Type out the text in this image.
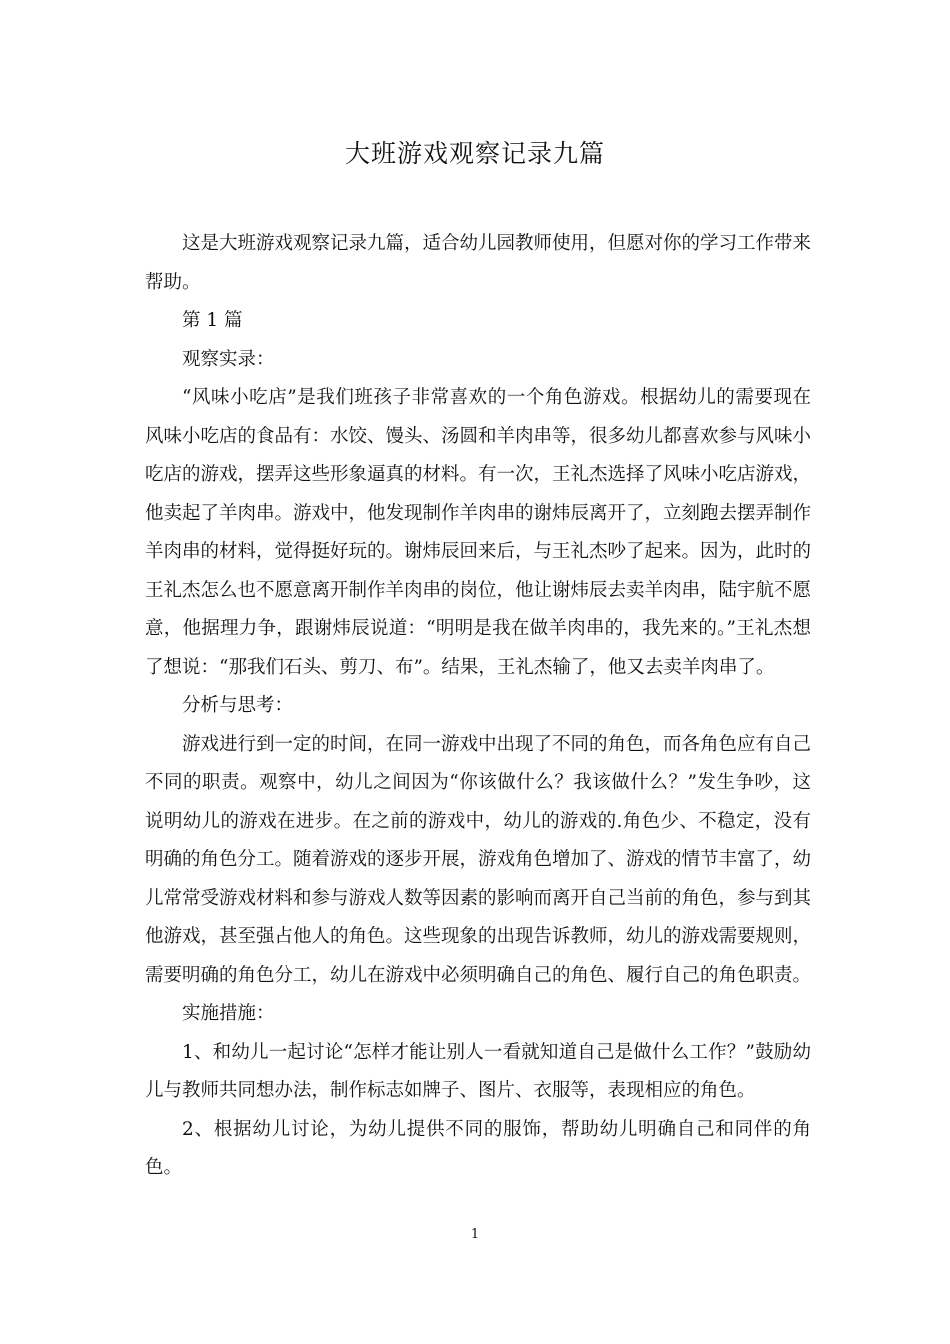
大班游戏观察记录九篇

这是大班游戏观察记录九篇，适合幼儿园教师使用，但愿对你的学习工作带来帮助。

第 1 篇

观察实录：

“风味小吃店”是我们班孩子非常喜欢的一个角色游戏。根据幼儿的需要现在风味小吃店的食品有：水饺、馒头、汤圆和羊肉串等，很多幼儿都喜欢参与风味小吃店的游戏，摆弄这些形象逼真的材料。有一次，王礼杰选择了风味小吃店游戏，他卖起了羊肉串。游戏中，他发现制作羊肉串的谢炜辰离开了，立刻跑去摆弄制作羊肉串的材料，觉得挺好玩的。谢炜辰回来后，与王礼杰吵了起来。因为，此时的王礼杰怎么也不愿意离开制作羊肉串的岗位，他让谢炜辰去卖羊肉串，陆宇航不愿意，他据理力争，跟谢炜辰说道：“明明是我在做羊肉串的，我先来的。”王礼杰想了想说：“那我们石头、剪刀、布”。结果，王礼杰输了，他又去卖羊肉串了。

分析与思考：

游戏进行到一定的时间，在同一游戏中出现了不同的角色，而各角色应有自己不同的职责。观察中，幼儿之间因为“你该做什么？我该做什么？”发生争吵，这说明幼儿的游戏在进步。在之前的游戏中，幼儿的游戏的.角色少、不稳定，没有明确的角色分工。随着游戏的逐步开展，游戏角色增加了、游戏的情节丰富了，幼儿常常受游戏材料和参与游戏人数等因素的影响而离开自己当前的角色，参与到其他游戏，甚至强占他人的角色。这些现象的出现告诉教师，幼儿的游戏需要规则，需要明确的角色分工，幼儿在游戏中必须明确自己的角色、履行自己的角色职责。

实施措施：

1、和幼儿一起讨论“怎样才能让别人一看就知道自己是做什么工作？”鼓励幼儿与教师共同想办法，制作标志如牌子、图片、衣服等，表现相应的角色。

2、根据幼儿讨论，为幼儿提供不同的服饰，帮助幼儿明确自己和同伴的角色。

1
